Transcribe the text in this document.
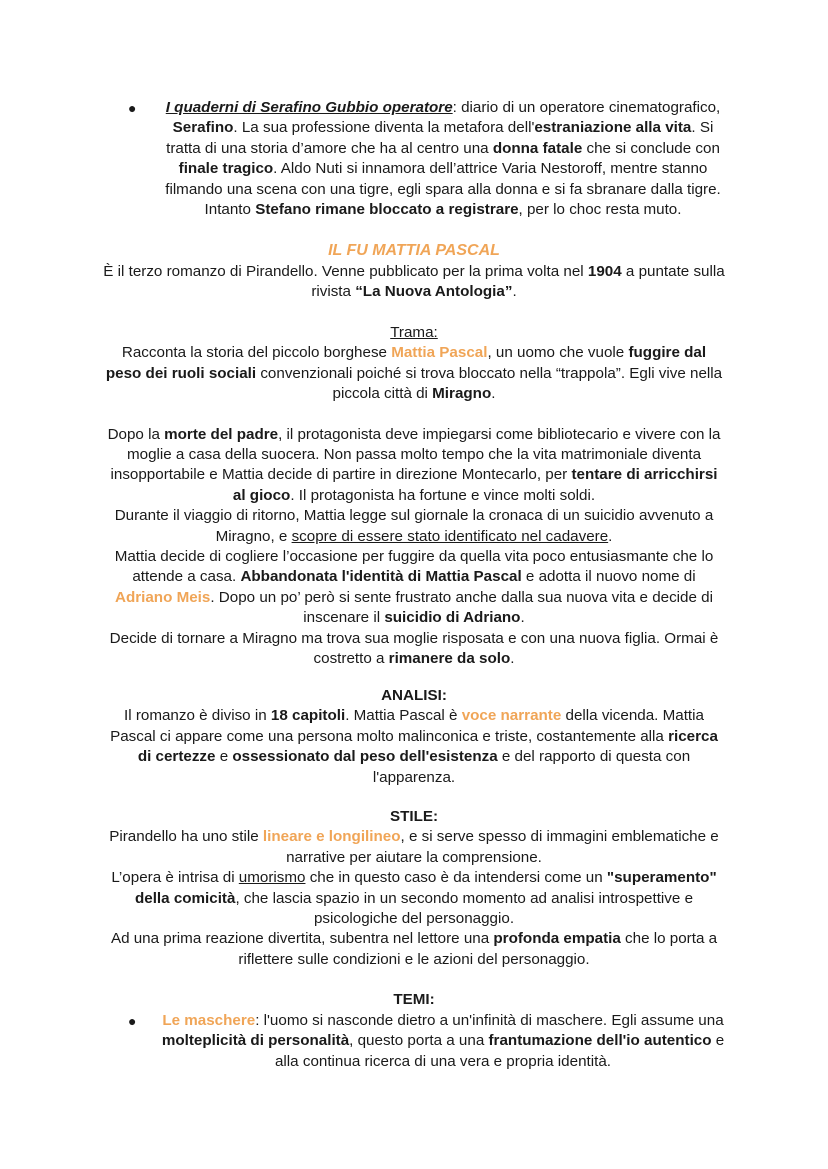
●	I quaderni di Serafino Gubbio operatore: diario di un operatore cinematografico,
Serafino. La sua professione diventa la metafora dell'estraniazione alla vita. Si
tratta di una storia d’amore che ha al centro una donna fatale che si conclude con
finale tragico. Aldo Nuti si innamora dell’attrice Varia Nestoroff, mentre stanno
filmando una scena con una tigre, egli spara alla donna e si fa sbranare dalla tigre.
Intanto Stefano rimane bloccato a registrare, per lo choc resta muto.
IL FU MATTIA PASCAL
È il terzo romanzo di Pirandello. Venne pubblicato per la prima volta nel 1904 a puntate sulla
rivista “La Nuova Antologia”.
Trama:
Racconta la storia del piccolo borghese Mattia Pascal, un uomo che vuole fuggire dal
peso dei ruoli sociali convenzionali poiché si trova bloccato nella “trappola”. Egli vive nella
piccola città di Miragno.
Dopo la morte del padre, il protagonista deve impiegarsi come bibliotecario e vivere con la
moglie a casa della suocera. Non passa molto tempo che la vita matrimoniale diventa
insopportabile e Mattia decide di partire in direzione Montecarlo, per tentare di arricchirsi
al gioco. Il protagonista ha fortune e vince molti soldi.
Durante il viaggio di ritorno, Mattia legge sul giornale la cronaca di un suicidio avvenuto a
Miragno, e scopre di essere stato identificato nel cadavere.
Mattia decide di cogliere l’occasione per fuggire da quella vita poco entusiasmante che lo
attende a casa. Abbandonata l'identità di Mattia Pascal e adotta il nuovo nome di
Adriano Meis. Dopo un po’ però si sente frustrato anche dalla sua nuova vita e decide di
inscenare il suicidio di Adriano.
Decide di tornare a Miragno ma trova sua moglie risposata e con una nuova figlia. Ormai è
costretto a rimanere da solo.
ANALISI:
Il romanzo è diviso in 18 capitoli. Mattia Pascal è voce narrante della vicenda. Mattia
Pascal ci appare come una persona molto malinconica e triste, costantemente alla ricerca
di certezze e ossessionato dal peso dell'esistenza e del rapporto di questa con
l'apparenza.
STILE:
Pirandello ha uno stile lineare e longilineo, e si serve spesso di immagini emblematiche e
narrative per aiutare la comprensione.
L’opera è intrisa di umorismo che in questo caso è da intendersi come un "superamento"
della comicità, che lascia spazio in un secondo momento ad analisi introspettive e
psicologiche del personaggio.
Ad una prima reazione divertita, subentra nel lettore una profonda empatia che lo porta a
riflettere sulle condizioni e le azioni del personaggio.
TEMI:
●	Le maschere: l'uomo si nasconde dietro a un'infinità di maschere. Egli assume una
molteplicità di personalità, questo porta a una frantumazione dell'io autentico e
alla continua ricerca di una vera e propria identità.
